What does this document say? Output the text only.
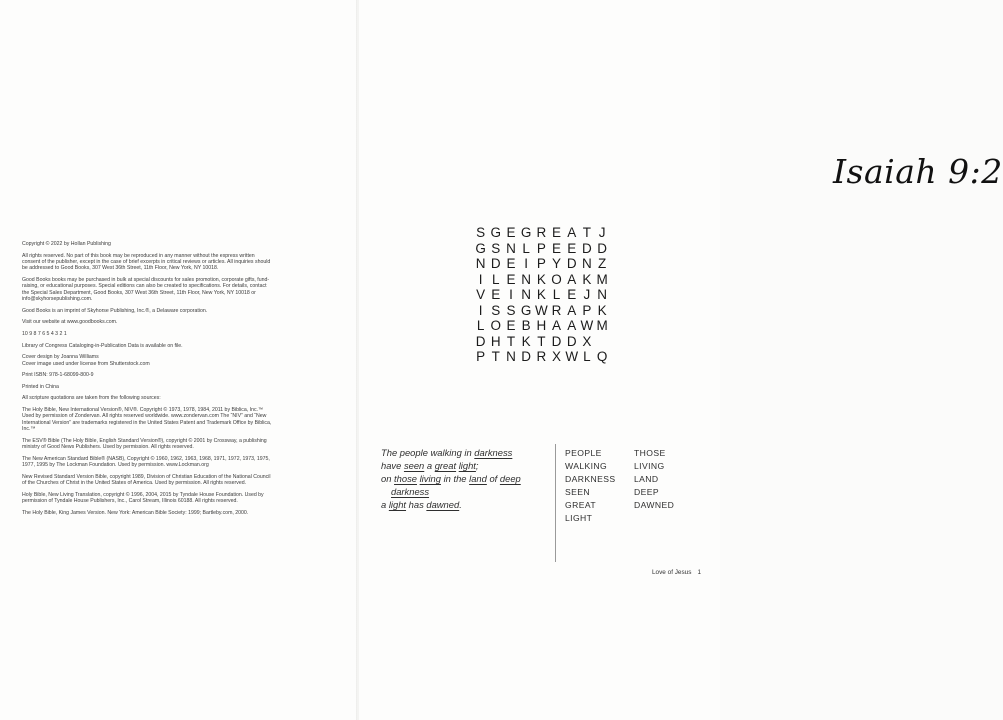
Copyright © 2022 by Hollan Publishing

All rights reserved. No part of this book may be reproduced in any manner without the express written consent of the publisher, except in the case of brief excerpts in critical reviews or articles. All inquiries should be addressed to Good Books, 307 West 36th Street, 11th Floor, New York, NY 10018.

Good Books books may be purchased in bulk at special discounts for sales promotion, corporate gifts, fund-raising, or educational purposes. Special editions can also be created to specifications. For details, contact the Special Sales Department, Good Books, 307 West 36th Street, 11th Floor, New York, NY 10018 or info@skyhorsepublishing.com.

Good Books is an imprint of Skyhorse Publishing, Inc.®, a Delaware corporation.

Visit our website at www.goodbooks.com.

10 9 8 7 6 5 4 3 2 1

Library of Congress Cataloging-in-Publication Data is available on file.

Cover design by Joanna Williams
Cover image used under license from Shutterstock.com

Print ISBN: 978-1-68099-800-9

Printed in China

All scripture quotations are taken from the following sources:

The Holy Bible, New International Version®, NIV®. Copyright © 1973, 1978, 1984, 2011 by Biblica, Inc.™ Used by permission of Zondervan. All rights reserved worldwide. www.zondervan.com The “NIV” and “New International Version” are trademarks registered in the United States Patent and Trademark Office by Biblica, Inc.™

The ESV® Bible (The Holy Bible, English Standard Version®), copyright © 2001 by Crossway, a publishing ministry of Good News Publishers. Used by permission. All rights reserved.

The New American Standard Bible® (NASB), Copyright © 1960, 1962, 1963, 1968, 1971, 1972, 1973, 1975, 1977, 1995 by The Lockman Foundation. Used by permission. www.Lockman.org

New Revised Standard Version Bible, copyright 1989, Division of Christian Education of the National Council of the Churches of Christ in the United States of America. Used by permission. All rights reserved.

Holy Bible, New Living Translation, copyright © 1996, 2004, 2015 by Tyndale House Foundation. Used by permission of Tyndale House Publishers, Inc., Carol Stream, Illinois 60188. All rights reserved.

The Holy Bible, King James Version. New York: American Bible Society: 1999; Bartleby.com, 2000.

Isaiah 9:2
S G E G R E A T J
G S N L P E E D D
N D E I P Y D N Z
I L E N K O A K M
V E I N K L E J N
I S S G W R A P K
L O E B H A A W M
D H T K T D D X
P T N D R X W L Q
The people walking in darkness
have seen a great light;
on those living in the land of deep
darkness
a light has dawned.
PEOPLE
WALKING
DARKNESS
SEEN
GREAT
LIGHT
THOSE
LIVING
LAND
DEEP
DAWNED
Love of Jesus 1
